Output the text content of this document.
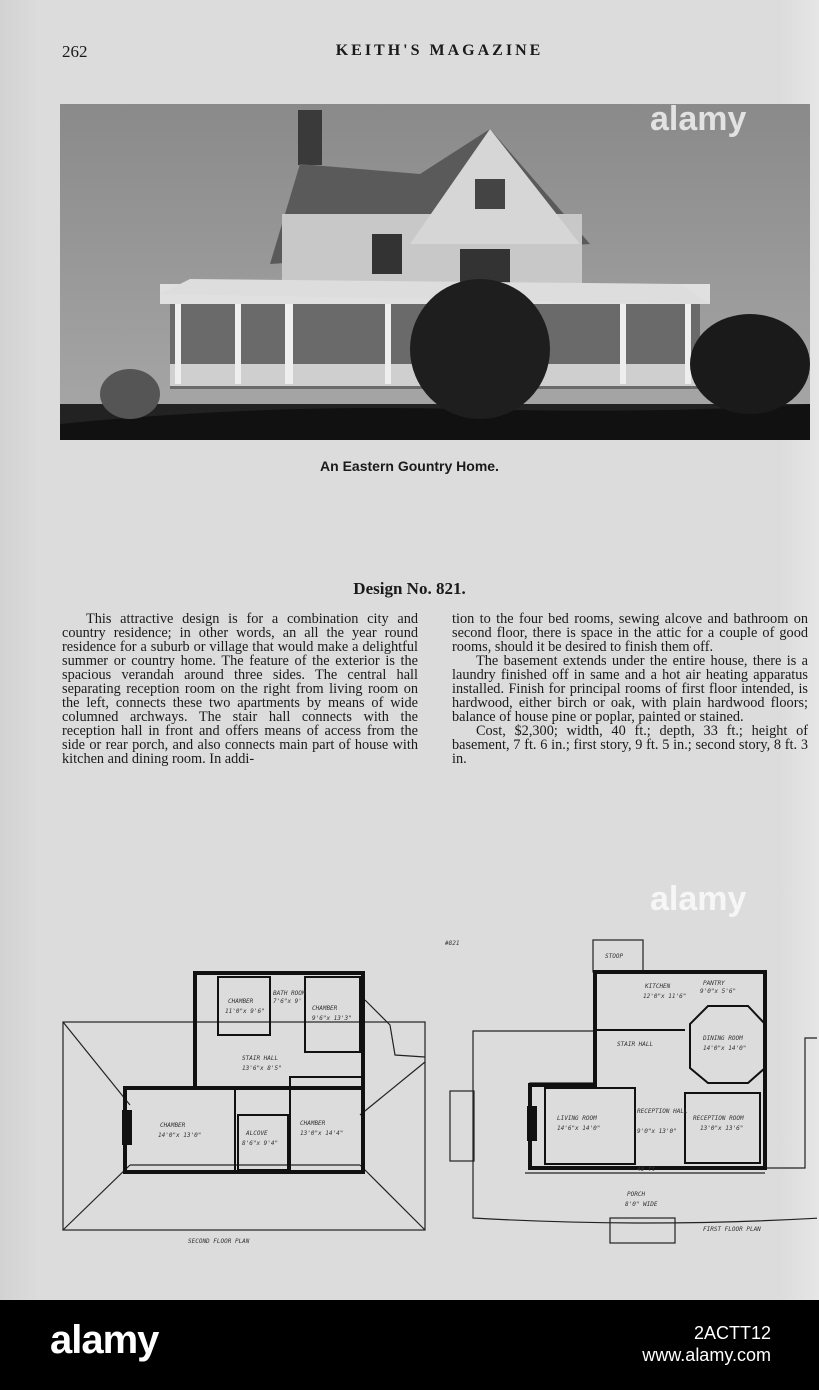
262	KEITH'S MAGAZINE
alamy
An Eastern Gountry Home.
Design No. 821.

This attractive design is for a combination city and country residence; in other words, an all the year round residence for a suburb or village that would make a delightful summer or country home. The feature of the exterior is the spacious verandah around three sides. The central hall separating reception room on the right from living room on the left, connects these two apartments by means of wide columned archways. The stair hall connects with the reception hall in front and offers means of access from the side or rear porch, and also connects main part of house with kitchen and dining room. In addi-

tion to the four bed rooms, sewing alcove and bathroom on second floor, there is space in the attic for a couple of good rooms, should it be desired to finish them off.

The basement extends under the entire house, there is a laundry finished off in same and a hot air heating apparatus installed. Finish for principal rooms of first floor intended, is hardwood, either birch or oak, with plain hardwood floors; balance of house pine or poplar, painted or stained.

Cost, $2,300; width, 40 ft.; depth, 33 ft.; height of basement, 7 ft. 6 in.; first story, 9 ft. 5 in.; second story, 8 ft. 3 in.

alamy
CHAMBER
11'0"x 9'6"
BATH ROOM
7'6"x 9'
CHAMBER
9'6"x 13'3"
STAIR HALL
13'6"x 8'5"
CHAMBER
14'0"x 13'0"	ALCOVE
8'6"x 9'4"
CHAMBER
13'0"x 14'4"
SECOND FLOOR PLAN
#821
STOOP
KITCHEN
12'0"x 11'6"
PANTRY
9'0"x 5'6"
DINING ROOM
14'0"x 14'0"
STAIR HALL
LIVING ROOM
14'6"x 14'0"
RECEPTION HALL
9'0"x 13'0"
RECEPTION ROOM
13'0"x 13'6"
40 ft
PORCH
8'0" WIDE
FIRST FLOOR PLAN
alamy	2ACTT12
www.alamy.com
